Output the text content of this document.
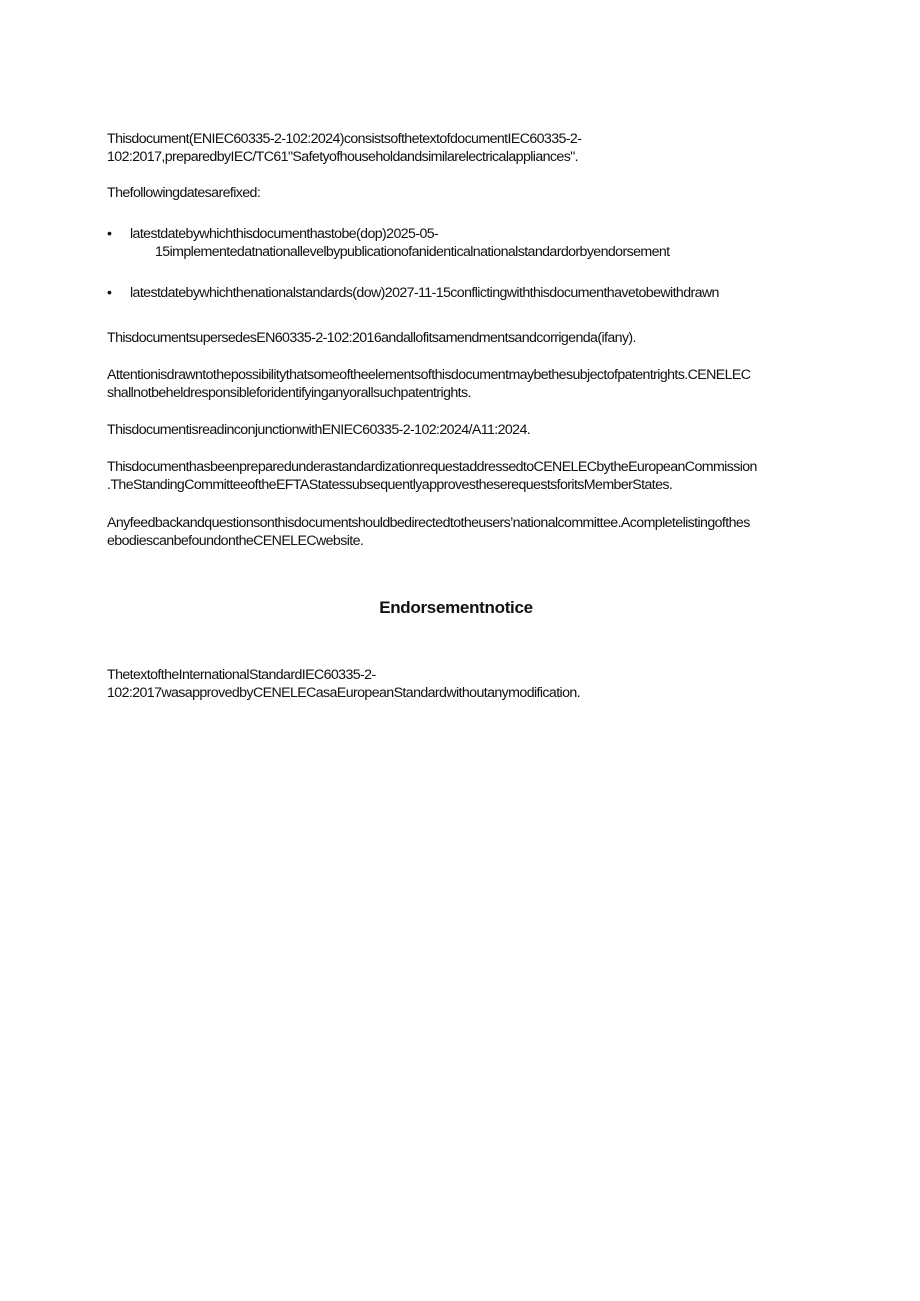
Thisdocument(ENIEC60335-2-102:2024)consistsofthetextofdocumentIEC60335-2-
102:2017,preparedbyIEC/TC61"Safetyofhouseholdandsimilarelectricalappliances".
Thefollowingdatesarefixed:
• latestdatebywhichthisdocumenthastobe(dop)2025-05-
15implementedatnationallevelbypublicationofanidenticalnationalstandardorbyendorsement
• latestdatebywhichthenationalstandards(dow)2027-11-15conflictingwiththisdocumenthavetobewithdrawn
ThisdocumentsupersedesEN60335-2-102:2016andallofitsamendmentsandcorrigenda(ifany).
Attentionisdrawntothepossibilitythatsomeoftheelementsofthisdocumentmaybethesubjectofpatentrights.CENELEC
shallnotbeheldresponsibleforidentifyinganyorallsuchpatentrights.
ThisdocumentisreadinconjunctionwithENIEC60335-2-102:2024/A11:2024.
ThisdocumenthasbeenpreparedunderastandardizationrequestaddressedtoCENELECbytheEuropeanCommission
.TheStandingCommitteeoftheEFTAStatessubsequentlyapprovestheserequestsforitsMemberStates.
Anyfeedbackandquestionsonthisdocumentshouldbedirectedtotheusers’nationalcommittee.Acompletelistingofthes
ebodiescanbefoundontheCENELECwebsite.
Endorsementnotice
ThetextoftheInternationalStandardIEC60335-2-
102:2017wasapprovedbyCENELECasaEuropeanStandardwithoutanymodification.
